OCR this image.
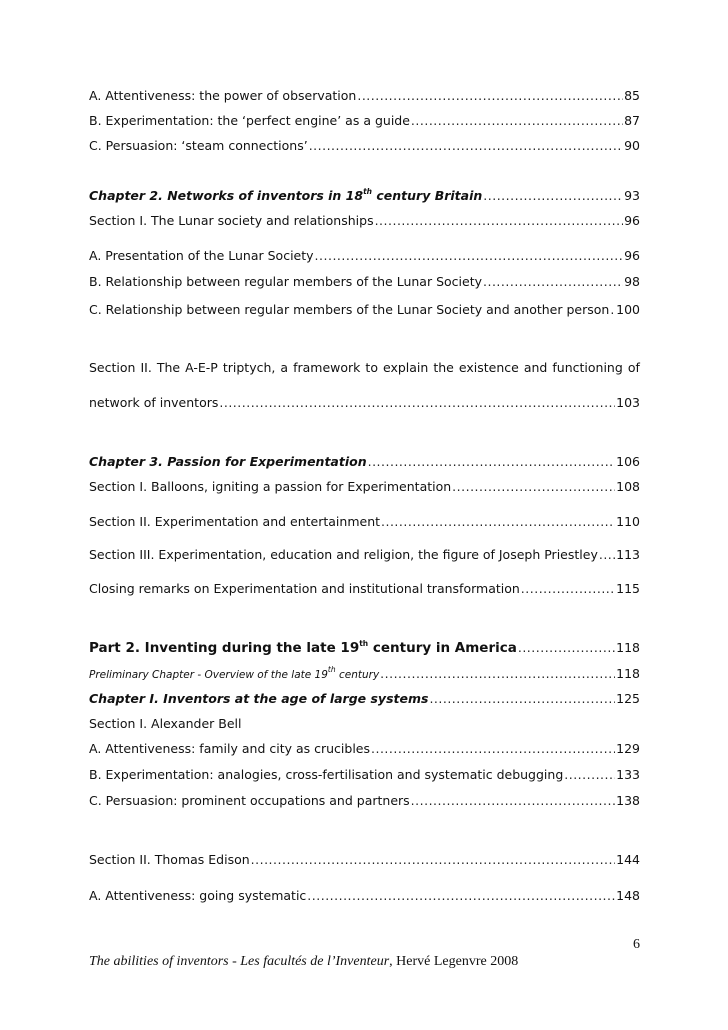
A. Attentiveness: the power of observation .....	85
B. Experimentation: the ‘perfect engine’ as a guide .....	87
C. Persuasion: ‘steam connections’ .....	90
Chapter 2. Networks of inventors in 18th century Britain .....	93
Section I. The Lunar society and relationships .....	96
A. Presentation of the Lunar Society .....	96
B. Relationship between regular members of the Lunar Society .....	98
C. Relationship between regular members of the Lunar Society and another person ..... 100
Section II. The A-E-P triptych, a framework to explain the existence and functioning of
network of inventors .....	103
Chapter 3. Passion for Experimentation .....	106
Section I. Balloons, igniting a passion for Experimentation .....	108
Section II. Experimentation and entertainment .....	110
Section III. Experimentation, education and religion, the figure of Joseph Priestley ..... 113
Closing remarks on Experimentation and institutional transformation .....	115
Part 2. Inventing during the late 19th century in America .....	118
Preliminary Chapter - Overview of the late 19th century .....	118
Chapter I. Inventors at the age of large systems .....	125
Section I. Alexander Bell
A. Attentiveness: family and city as crucibles .....	129
B. Experimentation: analogies, cross-fertilisation and systematic debugging .....	133
C. Persuasion: prominent occupations and partners .....	138
Section II. Thomas Edison .....	144
A. Attentiveness: going systematic .....	148
6
The abilities of inventors - Les facultés de l’Inventeur, Hervé Legenvre 2008
